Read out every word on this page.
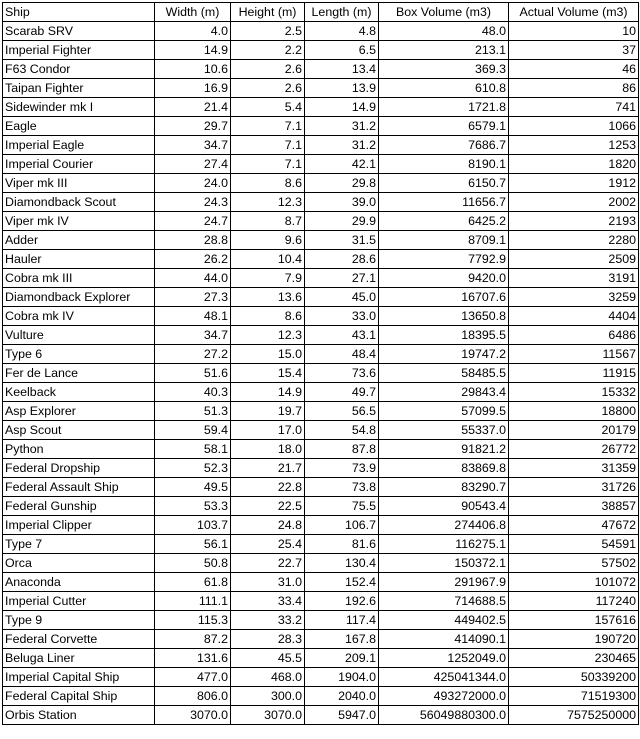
Ship	Width (m)	Height (m)	Length (m)	Box Volume (m3)	Actual Volume (m3)
Scarab SRV	4.0	2.5	4.8	48.0	10
Imperial Fighter	14.9	2.2	6.5	213.1	37
F63 Condor	10.6	2.6	13.4	369.3	46
Taipan Fighter	16.9	2.6	13.9	610.8	86
Sidewinder mk I	21.4	5.4	14.9	1721.8	741
Eagle	29.7	7.1	31.2	6579.1	1066
Imperial Eagle	34.7	7.1	31.2	7686.7	1253
Imperial Courier	27.4	7.1	42.1	8190.1	1820
Viper mk III	24.0	8.6	29.8	6150.7	1912
Diamondback Scout	24.3	12.3	39.0	11656.7	2002
Viper mk IV	24.7	8.7	29.9	6425.2	2193
Adder	28.8	9.6	31.5	8709.1	2280
Hauler	26.2	10.4	28.6	7792.9	2509
Cobra mk III	44.0	7.9	27.1	9420.0	3191
Diamondback Explorer	27.3	13.6	45.0	16707.6	3259
Cobra mk IV	48.1	8.6	33.0	13650.8	4404
Vulture	34.7	12.3	43.1	18395.5	6486
Type 6	27.2	15.0	48.4	19747.2	11567
Fer de Lance	51.6	15.4	73.6	58485.5	11915
Keelback	40.3	14.9	49.7	29843.4	15332
Asp Explorer	51.3	19.7	56.5	57099.5	18800
Asp Scout	59.4	17.0	54.8	55337.0	20179
Python	58.1	18.0	87.8	91821.2	26772
Federal Dropship	52.3	21.7	73.9	83869.8	31359
Federal Assault Ship	49.5	22.8	73.8	83290.7	31726
Federal Gunship	53.3	22.5	75.5	90543.4	38857
Imperial Clipper	103.7	24.8	106.7	274406.8	47672
Type 7	56.1	25.4	81.6	116275.1	54591
Orca	50.8	22.7	130.4	150372.1	57502
Anaconda	61.8	31.0	152.4	291967.9	101072
Imperial Cutter	111.1	33.4	192.6	714688.5	117240
Type 9	115.3	33.2	117.4	449402.5	157616
Federal Corvette	87.2	28.3	167.8	414090.1	190720
Beluga Liner	131.6	45.5	209.1	1252049.0	230465
Imperial Capital Ship	477.0	468.0	1904.0	425041344.0	50339200
Federal Capital Ship	806.0	300.0	2040.0	493272000.0	71519300
Orbis Station	3070.0	3070.0	5947.0	56049880300.0	7575250000
